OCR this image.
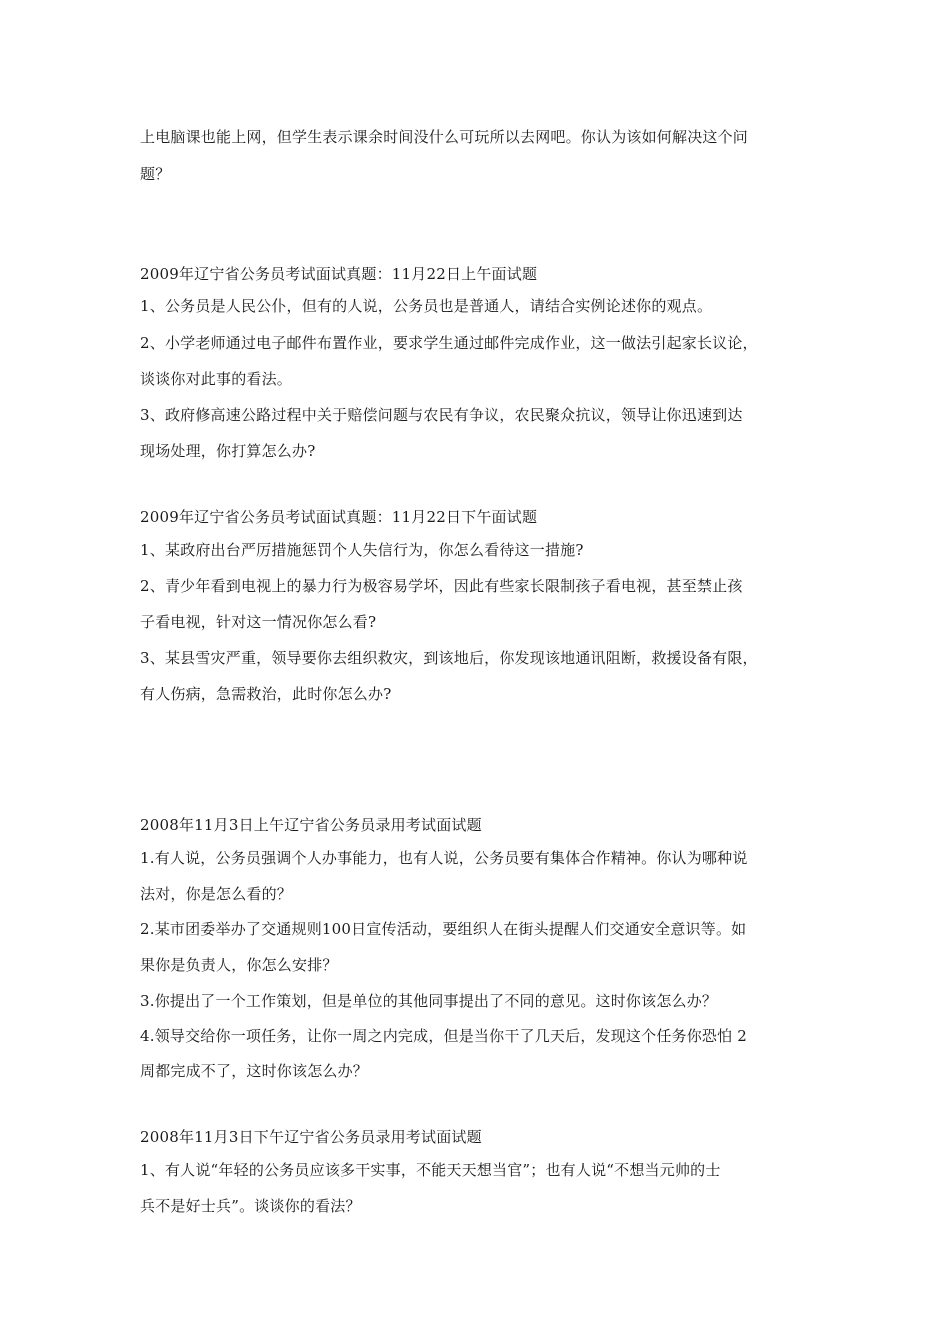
上电脑课也能上网，但学生表示课余时间没什么可玩所以去网吧。你认为该如何解决这个问
题？
2009年辽宁省公务员考试面试真题：11月22日上午面试题
1、公务员是人民公仆，但有的人说，公务员也是普通人，请结合实例论述你的观点。
2、小学老师通过电子邮件布置作业，要求学生通过邮件完成作业，这一做法引起家长议论，
谈谈你对此事的看法。
3、政府修高速公路过程中关于赔偿问题与农民有争议，农民聚众抗议，领导让你迅速到达
现场处理，你打算怎么办?
2009年辽宁省公务员考试面试真题：11月22日下午面试题
1、某政府出台严厉措施惩罚个人失信行为，你怎么看待这一措施?
2、青少年看到电视上的暴力行为极容易学坏，因此有些家长限制孩子看电视，甚至禁止孩
子看电视，针对这一情况你怎么看?
3、某县雪灾严重，领导要你去组织救灾，到该地后，你发现该地通讯阻断，救援设备有限，
有人伤病，急需救治，此时你怎么办?
2008年11月3日上午辽宁省公务员录用考试面试题
1.有人说，公务员强调个人办事能力，也有人说，公务员要有集体合作精神。你认为哪种说
法对，你是怎么看的？
2.某市团委举办了交通规则100日宣传活动，要组织人在街头提醒人们交通安全意识等。如
果你是负责人，你怎么安排？
3.你提出了一个工作策划，但是单位的其他同事提出了不同的意见。这时你该怎么办？
4.领导交给你一项任务，让你一周之内完成，但是当你干了几天后，发现这个任务你恐怕 2
周都完成不了，这时你该怎么办？
2008年11月3日下午辽宁省公务员录用考试面试题
1、有人说“年轻的公务员应该多干实事，不能天天想当官”；也有人说“不想当元帅的士
兵不是好士兵”。谈谈你的看法？
